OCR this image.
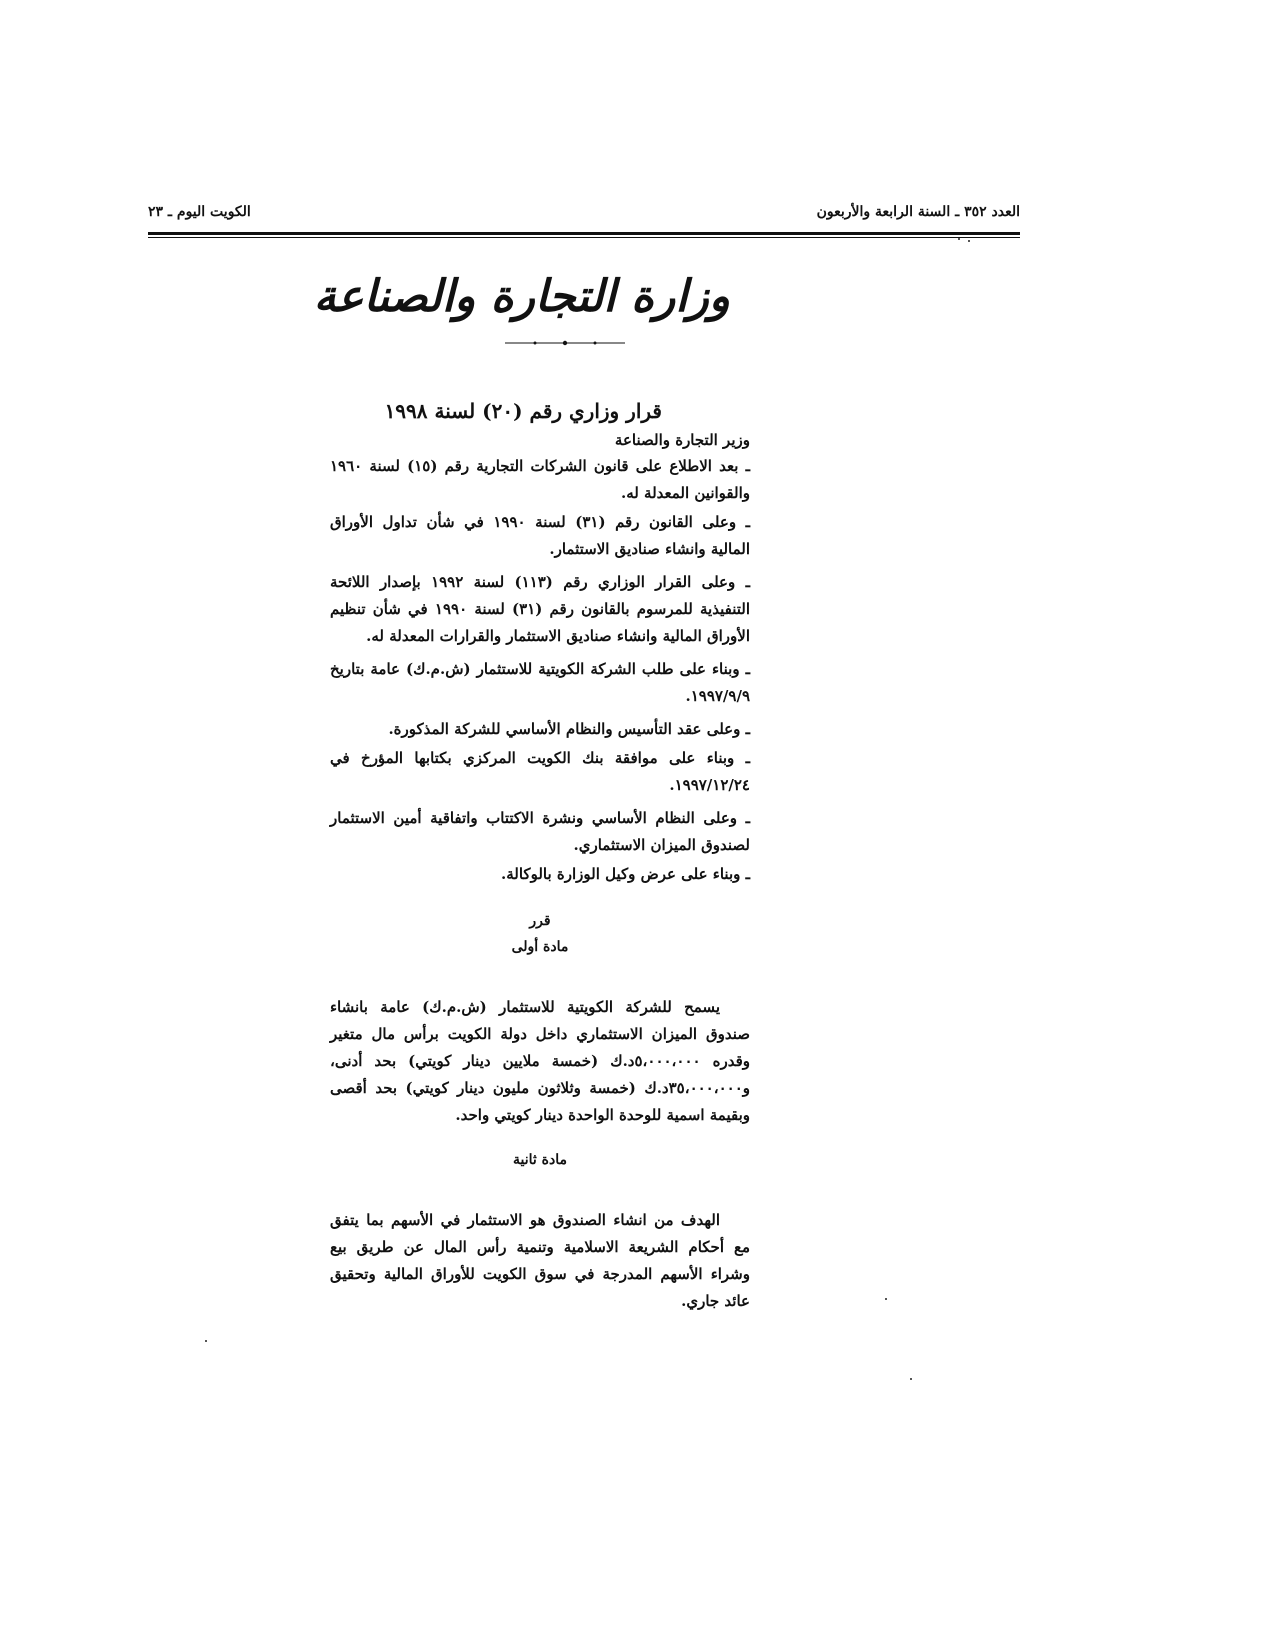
العدد ٣٥٢ ـ السنة الرابعة والأربعون
الكويت اليوم ـ ٢٣
وزارة التجارة والصناعة
قرار وزاري رقم (٢٠) لسنة ١٩٩٨
وزير التجارة والصناعة

ـ بعد الاطلاع على قانون الشركات التجارية رقم (١٥) لسنة ١٩٦٠ والقوانين المعدلة له.

ـ وعلى القانون رقم (٣١) لسنة ١٩٩٠ في شأن تداول الأوراق المالية وانشاء صناديق الاستثمار.

ـ وعلى القرار الوزاري رقم (١١٣) لسنة ١٩٩٢ بإصدار اللائحة التنفيذية للمرسوم بالقانون رقم (٣١) لسنة ١٩٩٠ في شأن تنظيم الأوراق المالية وانشاء صناديق الاستثمار والقرارات المعدلة له.

ـ وبناء على طلب الشركة الكويتية للاستثمار (ش.م.ك) عامة بتاريخ ١٩٩٧/٩/٩.

ـ وعلى عقد التأسيس والنظام الأساسي للشركة المذكورة.

ـ وبناء على موافقة بنك الكويت المركزي بكتابها المؤرخ في ١٩٩٧/١٢/٢٤.

ـ وعلى النظام الأساسي ونشرة الاكتتاب واتفاقية أمين الاستثمار لصندوق الميزان الاستثماري.

ـ وبناء على عرض وكيل الوزارة بالوكالة.

قرر

مادة أولى

يسمح للشركة الكويتية للاستثمار (ش.م.ك) عامة بانشاء صندوق الميزان الاستثماري داخل دولة الكويت برأس مال متغير وقدره ٥،٠٠٠،٠٠٠د.ك (خمسة ملايين دينار كويتي) بحد أدنى، و٣٥،٠٠٠،٠٠٠د.ك (خمسة وثلاثون مليون دينار كويتي) بحد أقصى وبقيمة اسمية للوحدة الواحدة دينار كويتي واحد.

مادة ثانية

الهدف من انشاء الصندوق هو الاستثمار في الأسهم بما يتفق مع أحكام الشريعة الاسلامية وتنمية رأس المال عن طريق بيع وشراء الأسهم المدرجة في سوق الكويت للأوراق المالية وتحقيق عائد جاري.
